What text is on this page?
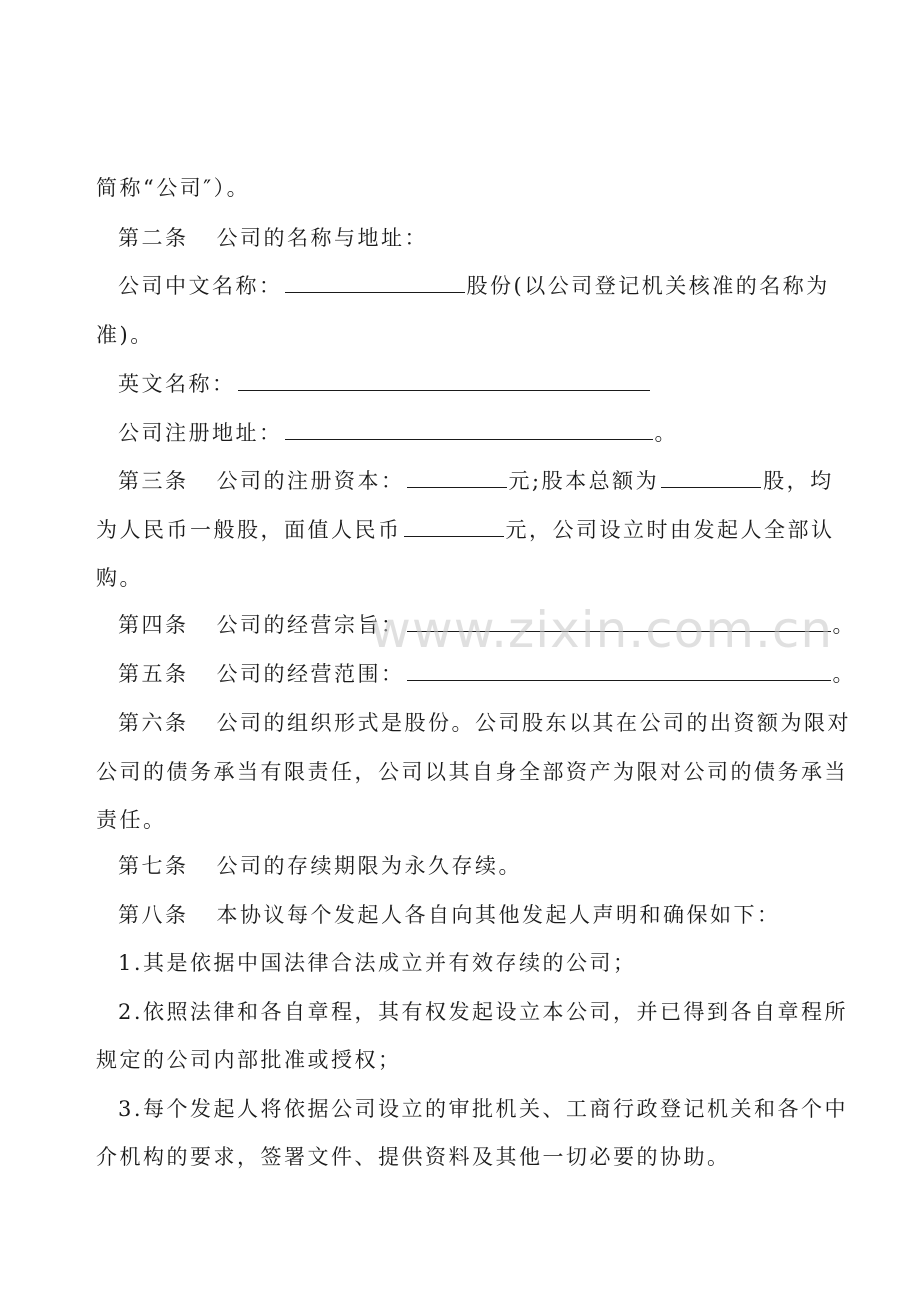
简称“公司″）。
第二条 公司的名称与地址：
公司中文名称：	股份(以公司登记机关核准的名称为
准)。
英文名称：
公司注册地址：	。
第三条 公司的注册资本：	元;股本总额为	股，均
为人民币一般股，面值人民币	元，公司设立时由发起人全部认
购。
第四条 公司的经营宗旨：	。
第五条 公司的经营范围：	。
第六条 公司的组织形式是股份。公司股东以其在公司的出资额为限对
公司的债务承当有限责任，公司以其自身全部资产为限对公司的债务承当
责任。
第七条 公司的存续期限为永久存续。
第八条 本协议每个发起人各自向其他发起人声明和确保如下：
1.其是依据中国法律合法成立并有效存续的公司；
2.依照法律和各自章程，其有权发起设立本公司，并已得到各自章程所
规定的公司内部批准或授权；
3.每个发起人将依据公司设立的审批机关、工商行政登记机关和各个中
介机构的要求，签署文件、提供资料及其他一切必要的协助。
www.zixin.com.cn
